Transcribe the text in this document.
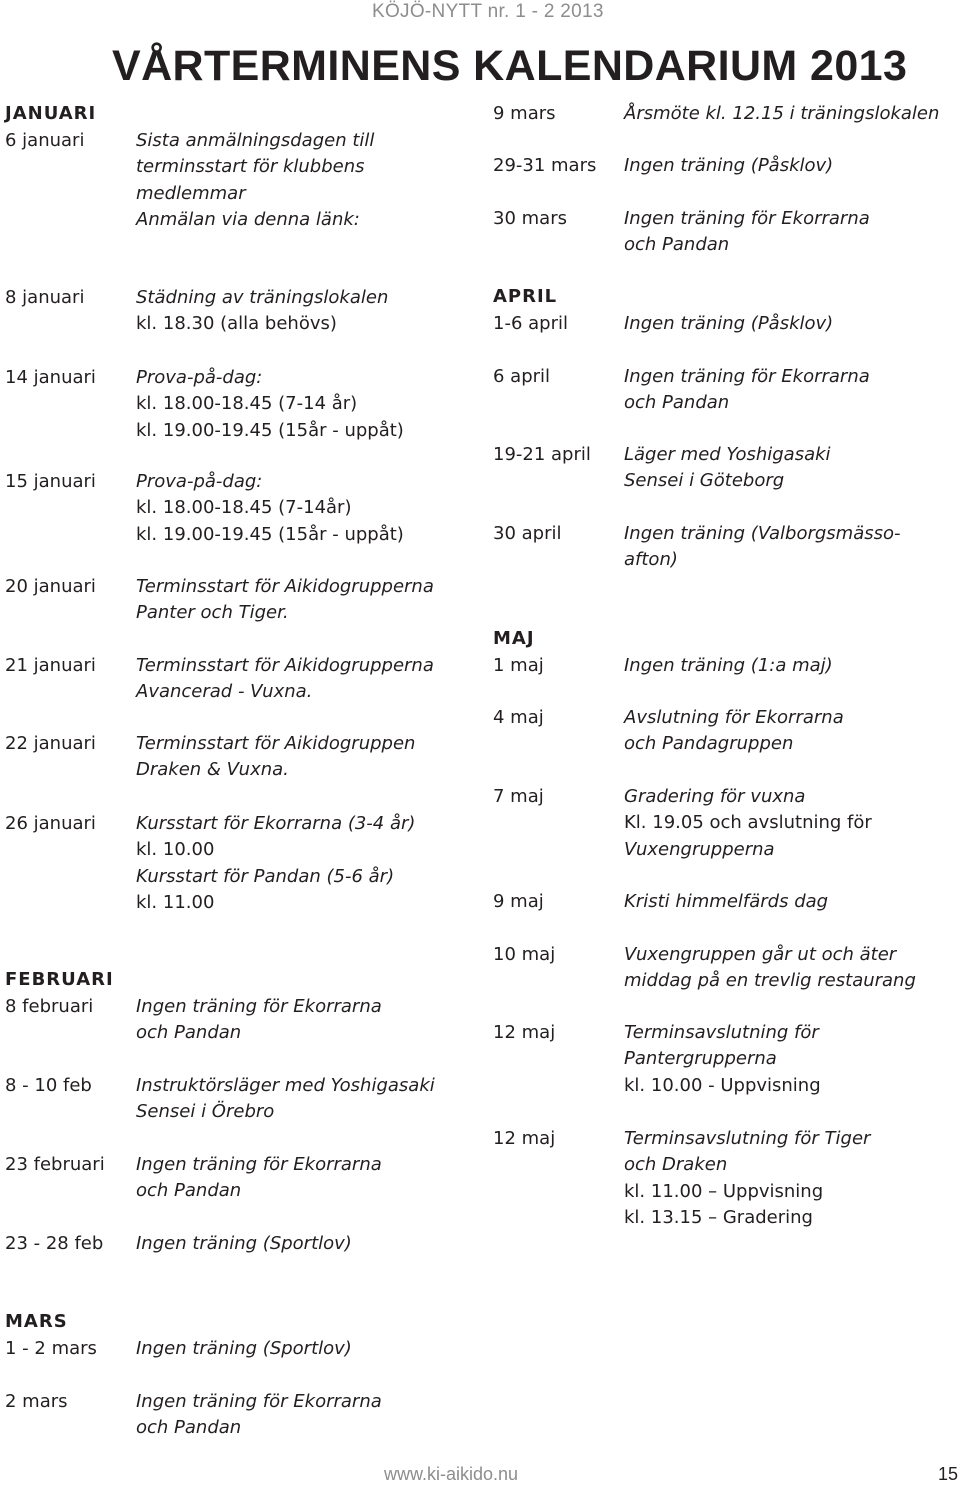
KÖJÖ-NYTT nr. 1 - 2 2013
VÅRTERMINENS KALENDARIUM 2013
JANUARI
6 januari	Sista anmälningsdagen till
terminsstart för klubbens
medlemmar
Anmälan via denna länk:
8 januari	Städning av träningslokalen
kl. 18.30 (alla behövs)
14 januari	Prova-på-dag:
kl. 18.00-18.45 (7-14 år)
kl. 19.00-19.45 (15år - uppåt)
15 januari	Prova-på-dag:
kl. 18.00-18.45 (7-14år)
kl. 19.00-19.45 (15år - uppåt)
20 januari	Terminsstart för Aikidogrupperna
Panter och Tiger.
21 januari	Terminsstart för Aikidogrupperna
Avancerad - Vuxna.
22 januari	Terminsstart för Aikidogruppen
Draken & Vuxna.
26 januari	Kursstart för Ekorrarna (3-4 år)
kl. 10.00
Kursstart för Pandan (5-6 år)
kl. 11.00
FEBRUARI
8 februari	Ingen träning för Ekorrarna
och Pandan
8 - 10 feb	Instruktörsläger med Yoshigasaki
Sensei i Örebro
23 februari	Ingen träning för Ekorrarna
och Pandan
23 - 28 feb	Ingen träning (Sportlov)
MARS
1 - 2 mars	Ingen träning (Sportlov)
2 mars	Ingen träning för Ekorrarna
och Pandan
9 mars	Årsmöte kl. 12.15 i träningslokalen
29-31 mars	Ingen träning (Påsklov)
30 mars	Ingen träning för Ekorrarna
och Pandan
APRIL
1-6 april	Ingen träning (Påsklov)
6 april	Ingen träning för Ekorrarna
och Pandan
19-21 april	Läger med Yoshigasaki
Sensei i Göteborg
30 april	Ingen träning (Valborgsmässo-
afton)
MAJ
1 maj	Ingen träning (1:a maj)
4 maj	Avslutning för Ekorrarna
och Pandagruppen
7 maj	Gradering för vuxna
Kl. 19.05 och avslutning för
Vuxengrupperna
9 maj	Kristi himmelfärds dag
10 maj	Vuxengruppen går ut och äter
middag på en trevlig restaurang
12 maj	Terminsavslutning för
Pantergrupperna
kl. 10.00 - Uppvisning
12 maj	Terminsavslutning för Tiger
och Draken
kl. 11.00 – Uppvisning
kl. 13.15 – Gradering
www.ki-aikido.nu	15
